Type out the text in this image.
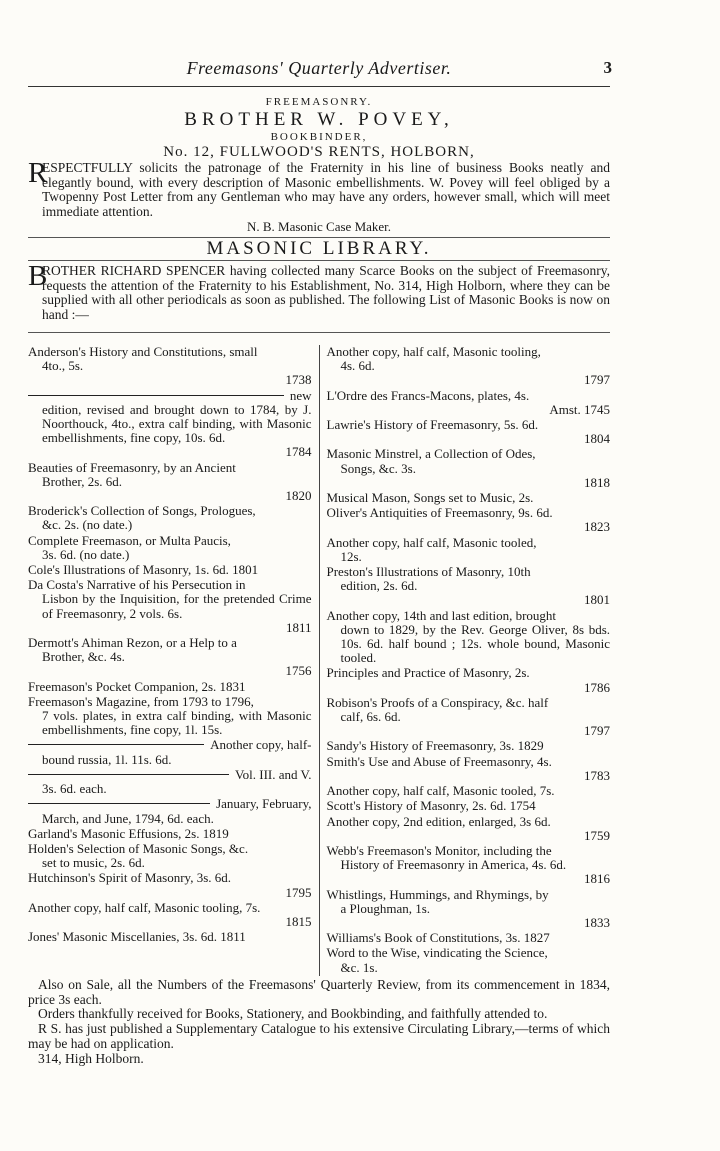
Freemasons' Quarterly Advertiser.	3
FREEMASONRY.
BROTHER W. POVEY,
BOOKBINDER,
No. 12, FULLWOOD'S RENTS, HOLBORN,
R
ESPECTFULLY solicits the patronage of the Fraternity in his line of business Books neatly and elegantly bound, with every description of Masonic embellishments. W. Povey will feel obliged by a Twopenny Post Letter from any Gentleman who may have any orders, however small, which will meet immediate attention.
N. B. Masonic Case Maker.
MASONIC LIBRARY.
B
ROTHER RICHARD SPENCER having collected many Scarce Books on the subject of Freemasonry, requests the attention of the Fraternity to his Establishment, No. 314, High Holborn, where they can be supplied with all other periodicals as soon as published. The following List of Masonic Books is now on hand :—
Anderson's History and Constitutions, small
4to., 5s.
1738
new
edition, revised and brought down to 1784, by J. Noorthouck, 4to., extra calf binding, with Masonic embellishments, fine copy, 10s. 6d.
1784
Beauties of Freemasonry, by an Ancient
Brother, 2s. 6d.
1820
Broderick's Collection of Songs, Prologues,
&c. 2s. (no date.)
Complete Freemason, or Multa Paucis,
3s. 6d. (no date.)
Cole's Illustrations of Masonry, 1s. 6d. 1801
Da Costa's Narrative of his Persecution in
Lisbon by the Inquisition, for the pretended Crime of Freemasonry, 2 vols. 6s.
1811
Dermott's Ahiman Rezon, or a Help to a
Brother, &c. 4s.
1756
Freemason's Pocket Companion, 2s. 1831
Freemason's Magazine, from 1793 to 1796,
7 vols. plates, in extra calf binding, with Masonic embellishments, fine copy, 1l. 15s.
Another copy, half-
bound russia, 1l. 11s. 6d.
Vol. III. and V.
3s. 6d. each.
January, February,
March, and June, 1794, 6d. each.
Garland's Masonic Effusions, 2s. 1819
Holden's Selection of Masonic Songs, &c.
set to music, 2s. 6d.
Hutchinson's Spirit of Masonry, 3s. 6d.
1795
Another copy, half calf, Masonic tooling, 7s.
1815
Jones' Masonic Miscellanies, 3s. 6d. 1811
Another copy, half calf, Masonic tooling,
4s. 6d.
1797
L'Ordre des Francs-Macons, plates, 4s.
Amst. 1745
Lawrie's History of Freemasonry, 5s. 6d.
1804
Masonic Minstrel, a Collection of Odes,
Songs, &c. 3s.
1818
Musical Mason, Songs set to Music, 2s.
Oliver's Antiquities of Freemasonry, 9s. 6d.
1823
Another copy, half calf, Masonic tooled,
12s.
Preston's Illustrations of Masonry, 10th
edition, 2s. 6d.
1801
Another copy, 14th and last edition, brought
down to 1829, by the Rev. George Oliver, 8s bds. 10s. 6d. half bound ; 12s. whole bound, Masonic tooled.
Principles and Practice of Masonry, 2s.
1786
Robison's Proofs of a Conspiracy, &c. half
calf, 6s. 6d.
1797
Sandy's History of Freemasonry, 3s. 1829
Smith's Use and Abuse of Freemasonry, 4s.
1783
Another copy, half calf, Masonic tooled, 7s.
Scott's History of Masonry, 2s. 6d. 1754
Another copy, 2nd edition, enlarged, 3s 6d.
1759
Webb's Freemason's Monitor, including the
History of Freemasonry in America, 4s. 6d.
1816
Whistlings, Hummings, and Rhymings, by
a Ploughman, 1s.
1833
Williams's Book of Constitutions, 3s. 1827
Word to the Wise, vindicating the Science,
&c. 1s.

Also on Sale, all the Numbers of the Freemasons' Quarterly Review, from its commencement in 1834, price 3s each.

Orders thankfully received for Books, Stationery, and Bookbinding, and faithfully attended to.

R S. has just published a Supplementary Catalogue to his extensive Circulating Library,—terms of which may be had on application.

314, High Holborn.
